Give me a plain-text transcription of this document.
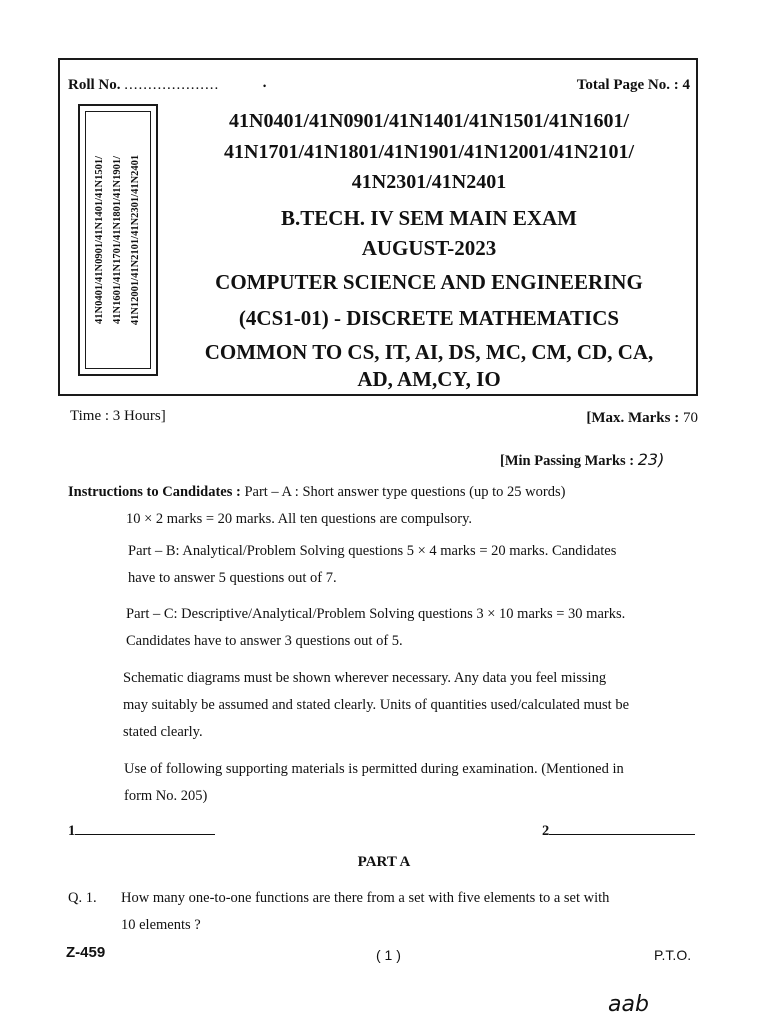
Roll No. ....................	•	Total Page No. : 4
41N0401/41N0901/41N1401/41N1501/ 41N1601/41N1701/41N1801/41N1901/ 41N12001/41N2101/41N2301/41N2401
41N0401/41N0901/41N1401/41N1501/41N1601/
41N1701/41N1801/41N1901/41N12001/41N2101/
41N2301/41N2401
B.TECH. IV SEM MAIN EXAM
AUGUST-2023
COMPUTER SCIENCE AND ENGINEERING
(4CS1-01) - DISCRETE MATHEMATICS
COMMON TO CS, IT, AI, DS, MC, CM, CD, CA,
AD, AM,CY, IO
Time : 3 Hours]	[Max. Marks : 70
[Min Passing Marks : 23)
Instructions to Candidates : Part – A : Short answer type questions (up to 25 words)
10 × 2 marks = 20 marks. All ten questions are compulsory.
Part – B: Analytical/Problem Solving questions 5 × 4 marks = 20 marks. Candidates
have to answer 5 questions out of 7.
Part – C: Descriptive/Analytical/Problem Solving questions 3 × 10 marks = 30 marks.
Candidates have to answer 3 questions out of 5.
Schematic diagrams must be shown wherever necessary. Any data you feel missing
may suitably be assumed and stated clearly. Units of quantities used/calculated must be
stated clearly.
Use of following supporting materials is permitted during examination. (Mentioned in
form No. 205)
1	2
PART A
Q. 1. How many one-to-one functions are there from a set with five elements to a set with
10 elements ?
Z-459	( 1 )	P.T.O.
aab
